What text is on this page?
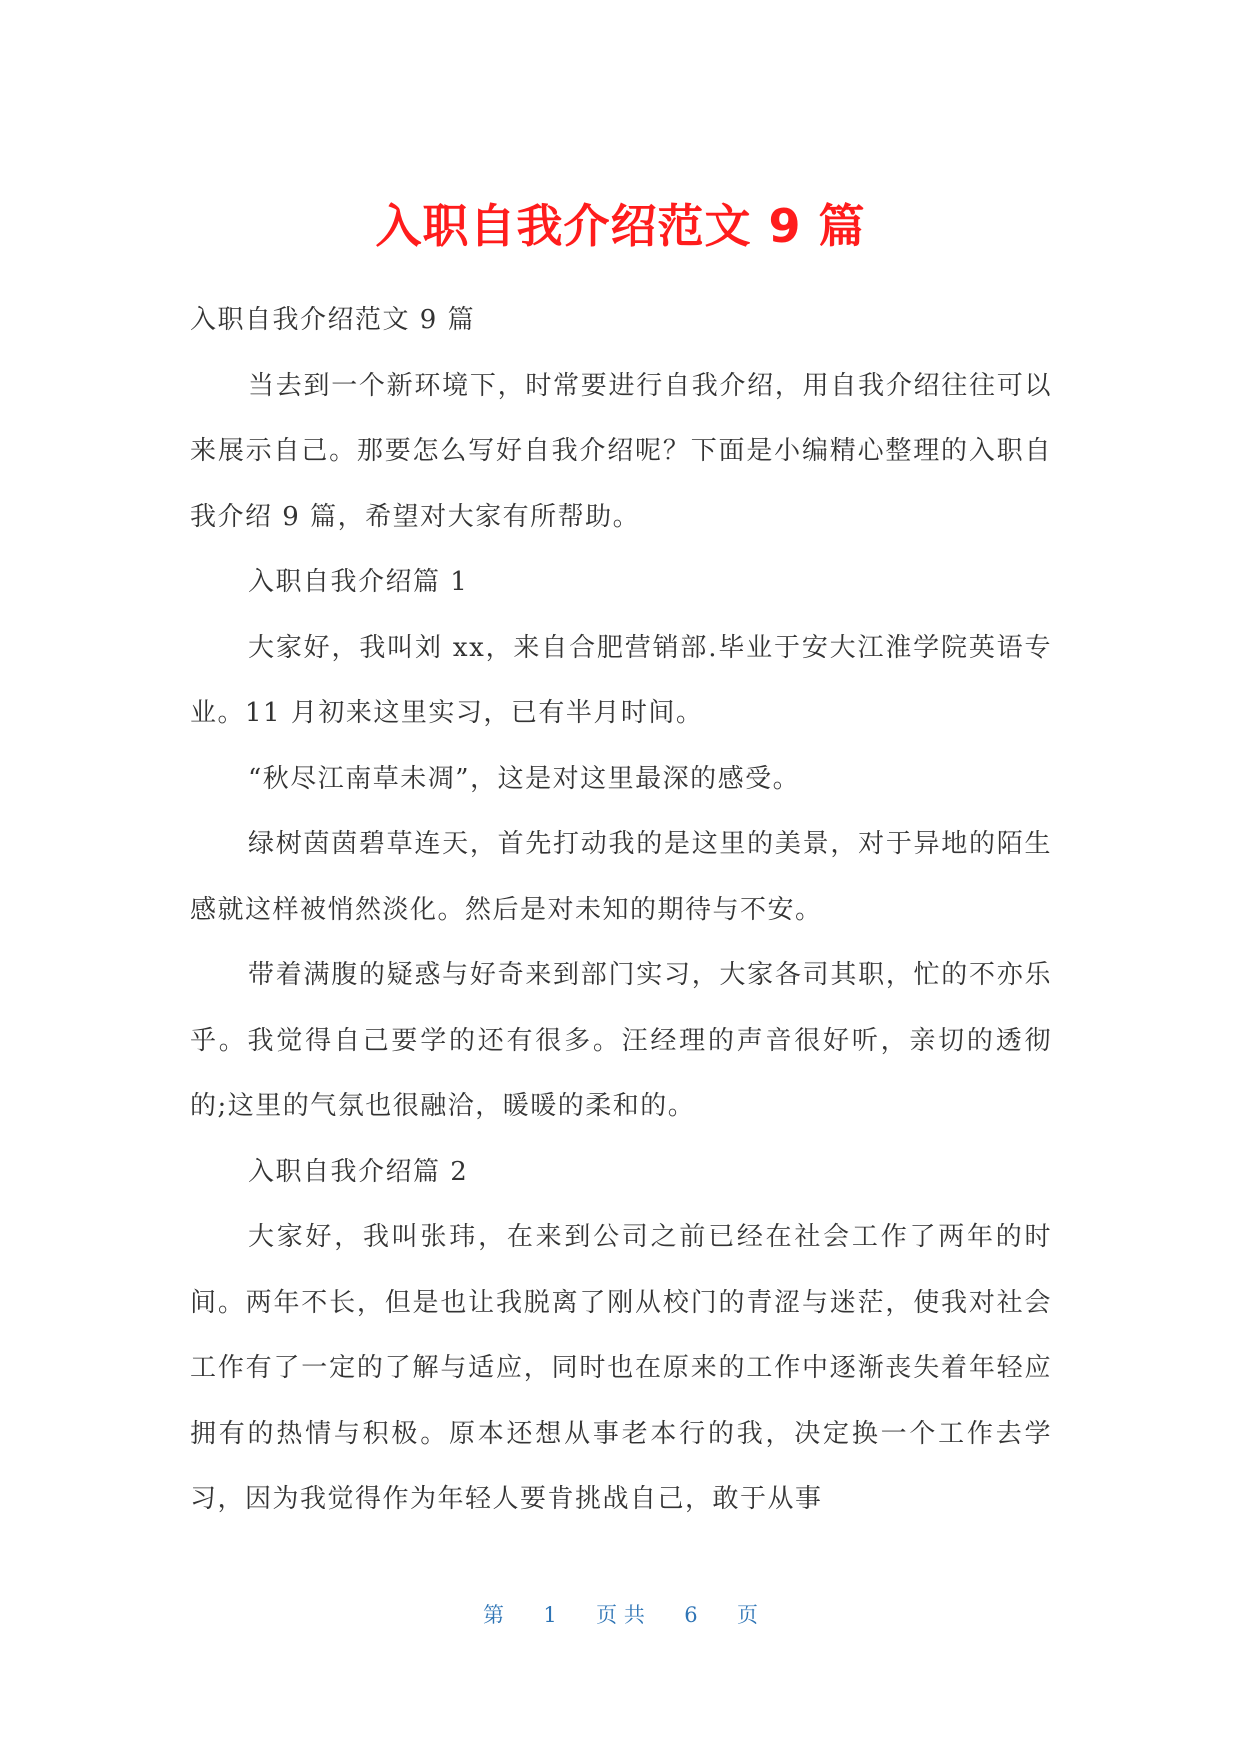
入职自我介绍范文 9 篇

入职自我介绍范文 9 篇

当去到一个新环境下，时常要进行自我介绍，用自我介绍往往可以来展示自己。那要怎么写好自我介绍呢？下面是小编精心整理的入职自我介绍 9 篇，希望对大家有所帮助。

入职自我介绍篇 1

大家好，我叫刘 xx，来自合肥营销部.毕业于安大江淮学院英语专业。11 月初来这里实习，已有半月时间。

“秋尽江南草未凋”，这是对这里最深的感受。

绿树茵茵碧草连天，首先打动我的是这里的美景，对于异地的陌生感就这样被悄然淡化。然后是对未知的期待与不安。

带着满腹的疑惑与好奇来到部门实习，大家各司其职，忙的不亦乐乎。我觉得自己要学的还有很多。汪经理的声音很好听，亲切的透彻的;这里的气氛也很融洽，暖暖的柔和的。

入职自我介绍篇 2

大家好，我叫张玮，在来到公司之前已经在社会工作了两年的时间。两年不长，但是也让我脱离了刚从校门的青涩与迷茫，使我对社会工作有了一定的了解与适应，同时也在原来的工作中逐渐丧失着年轻应拥有的热情与积极。原本还想从事老本行的我，决定换一个工作去学习，因为我觉得作为年轻人要肯挑战自己，敢于从事

第 1 页 共 6 页
